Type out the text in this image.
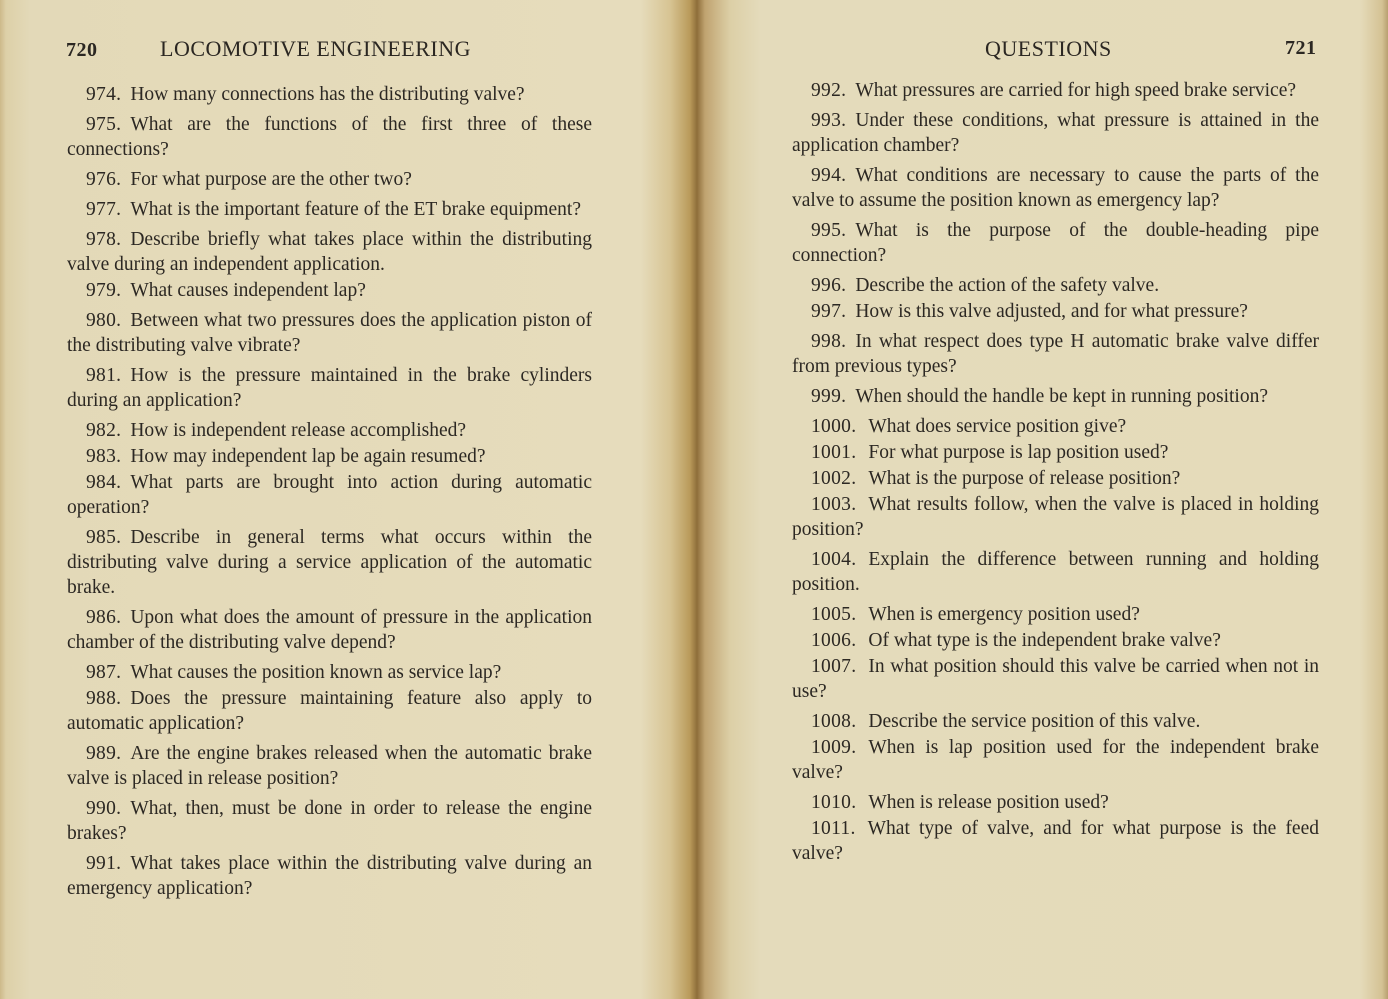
720	LOCOMOTIVE ENGINEERING
974. How many connections has the distributing valve?
975. What are the functions of the first three of these connections?
976. For what purpose are the other two?
977. What is the important feature of the ET brake equipment?
978. Describe briefly what takes place within the distributing valve during an independent application.
979. What causes independent lap?
980. Between what two pressures does the application piston of the distributing valve vibrate?
981. How is the pressure maintained in the brake cylinders during an application?
982. How is independent release accomplished?
983. How may independent lap be again resumed?
984. What parts are brought into action during automatic operation?
985. Describe in general terms what occurs within the distributing valve during a service application of the automatic brake.
986. Upon what does the amount of pressure in the application chamber of the distributing valve depend?
987. What causes the position known as service lap?
988. Does the pressure maintaining feature also apply to automatic application?
989. Are the engine brakes released when the automatic brake valve is placed in release position?
990. What, then, must be done in order to release the engine brakes?
991. What takes place within the distributing valve during an emergency application?
QUESTIONS	721
992. What pressures are carried for high speed brake service?
993. Under these conditions, what pressure is attained in the application chamber?
994. What conditions are necessary to cause the parts of the valve to assume the position known as emergency lap?
995. What is the purpose of the double-heading pipe connection?
996. Describe the action of the safety valve.
997. How is this valve adjusted, and for what pressure?
998. In what respect does type H automatic brake valve differ from previous types?
999. When should the handle be kept in running position?
1000. What does service position give?
1001. For what purpose is lap position used?
1002. What is the purpose of release position?
1003. What results follow, when the valve is placed in holding position?
1004. Explain the difference between running and holding position.
1005. When is emergency position used?
1006. Of what type is the independent brake valve?
1007. In what position should this valve be carried when not in use?
1008. Describe the service position of this valve.
1009. When is lap position used for the independent brake valve?
1010. When is release position used?
1011. What type of valve, and for what purpose is the feed valve?
